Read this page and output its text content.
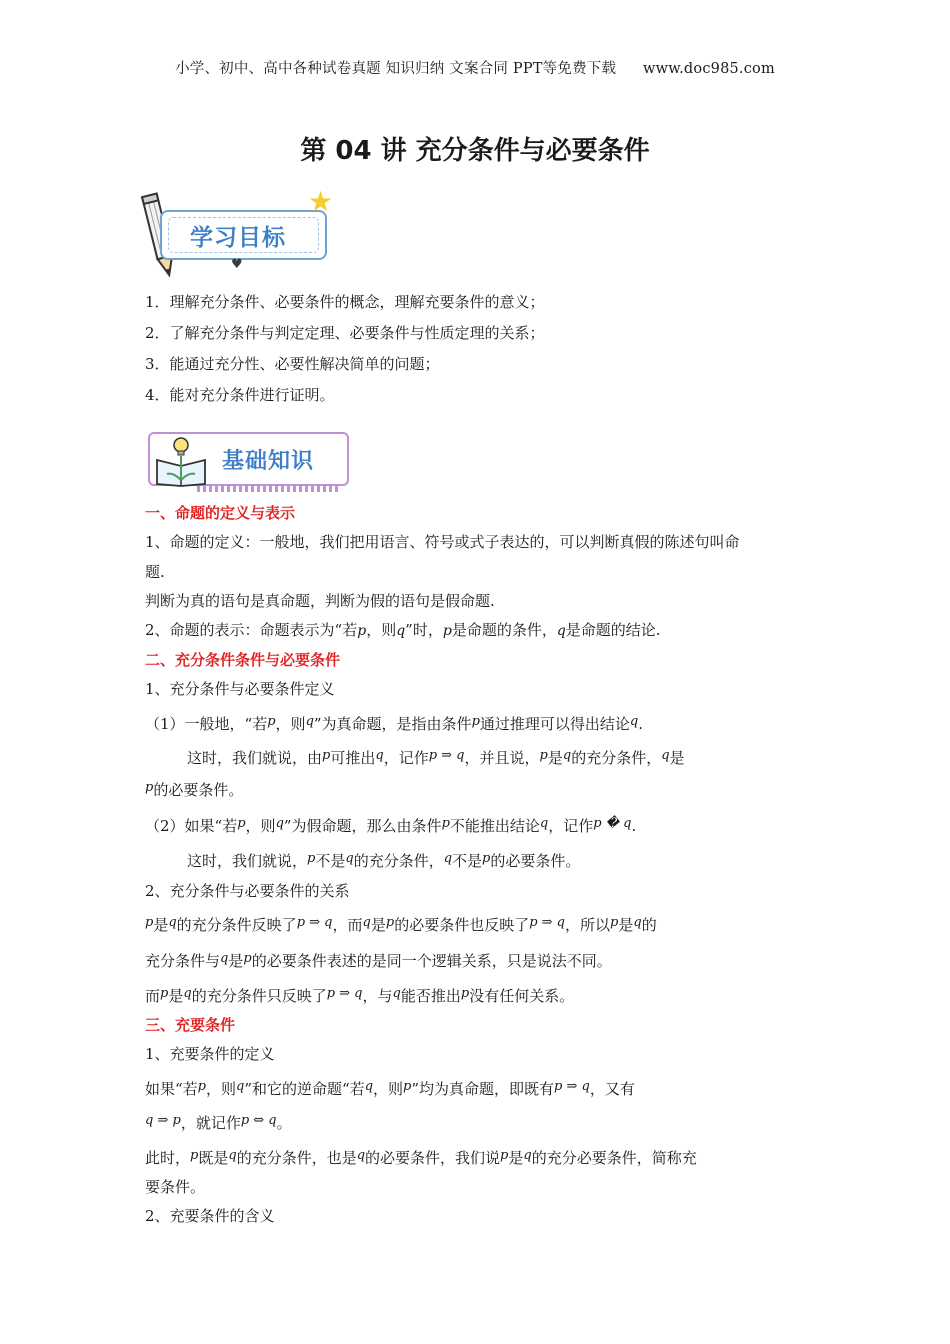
小学、初中、高中各种试卷真题 知识归纳 文案合同 PPT等免费下载 www.doc985.com
第 04 讲 充分条件与必要条件
学习目标
★
♥
1．理解充分条件、必要条件的概念，理解充要条件的意义；
2．了解充分条件与判定定理、必要条件与性质定理的关系；
3．能通过充分性、必要性解决简单的问题；
4．能对充分条件进行证明。
基础知识
一、命题的定义与表示
1、命题的定义：一般地，我们把用语言、符号或式子表达的，可以判断真假的陈述句叫命
题.
判断为真的语句是真命题，判断为假的语句是假命题.
2、命题的表示：命题表示为“若p，则q”时，p是命题的条件，q是命题的结论.
二、充分条件条件与必要条件
1、充分条件与必要条件定义
（1）一般地，“若p，则q”为真命题，是指由条件p通过推理可以得出结论q.
这时，我们就说，由p可推出q，记作p ⇒ q，并且说，p是q的充分条件，q是
p的必要条件。
（2）如果“若p，则q”为假命题，那么由条件p不能推出结论q，记作p � q.
这时，我们就说，p不是q的充分条件，q不是p的必要条件。
2、充分条件与必要条件的关系
p是q的充分条件反映了p ⇒ q，而q是p的必要条件也反映了p ⇒ q，所以p是q的
充分条件与q是p的必要条件表述的是同一个逻辑关系，只是说法不同。
而p是q的充分条件只反映了p ⇒ q，与q能否推出p没有任何关系。
三、充要条件
1、充要条件的定义
如果“若p，则q”和它的逆命题“若q，则p”均为真命题，即既有p ⇒ q，又有
q ⇒ p，就记作p ⇔ q。
此时，p既是q的充分条件，也是q的必要条件，我们说p是q的充分必要条件，简称充
要条件。
2、充要条件的含义
